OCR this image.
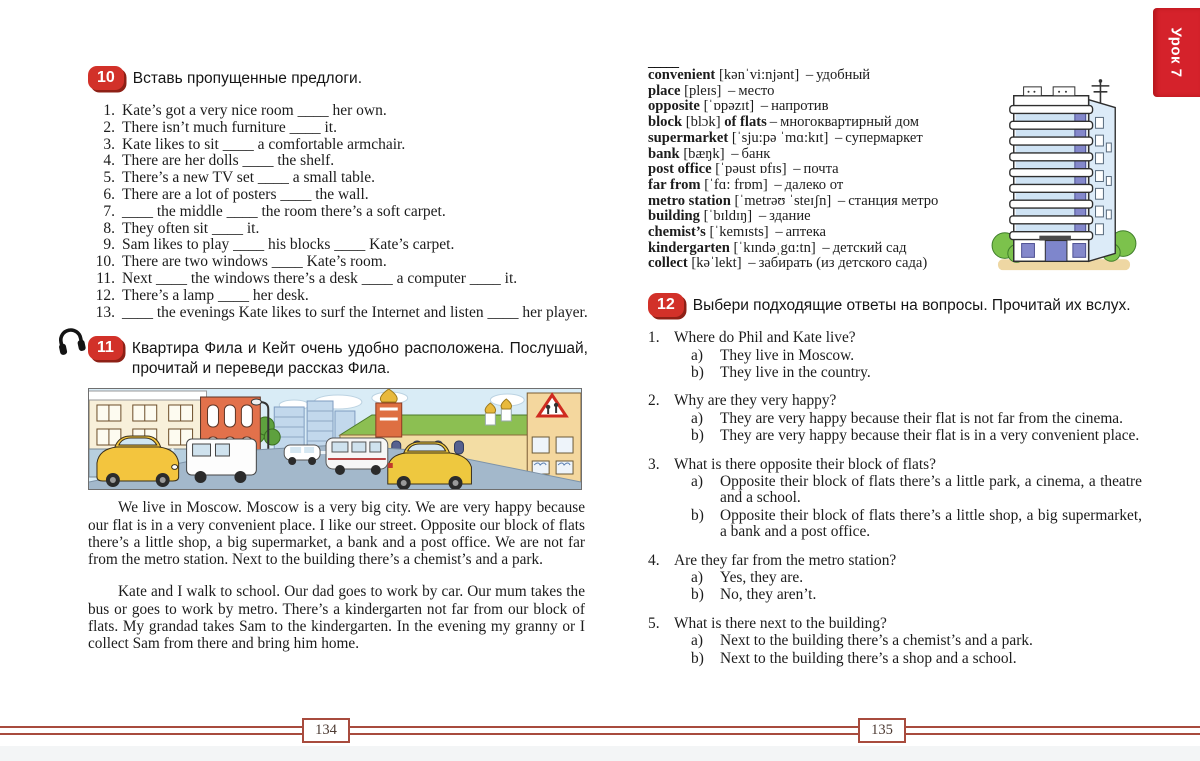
Урок 7
10	Вставь пропущенные предлоги.
1. Kate’s got a very nice room ____ her own.
2. There isn’t much furniture ____ it.
3. Kate likes to sit ____ a comfortable armchair.
4. There are her dolls ____ the shelf.
5. There’s a new TV set ____ a small table.
6. There are a lot of posters ____ the wall.
7. ____ the middle ____ the room there’s a soft carpet.
8. They often sit ____ it.
9. Sam likes to play ____ his blocks ____ Kate’s carpet.
10. There are two windows ____ Kate’s room.
11. Next ____ the windows there’s a desk ____ a computer ____ it.
12. There’s a lamp ____ her desk.
13. ____ the evenings Kate likes to surf the Internet and listen ____ her player.
11	Квартира Фила и Кейт очень удобно расположена. Послушай, прочитай и переведи рассказ Фила.

We live in Moscow. Moscow is a very big city. We are very happy because our flat is in a very convenient place. I like our street. Opposite our block of flats there’s a little shop, a big supermarket, a bank and a post office. We are not far from the metro station. Next to the building there’s a chemist’s and a park.

Kate and I walk to school. Our dad goes to work by car. Our mum takes the bus or goes to work by metro. There’s a kindergarten not far from our block of flats. My grandad takes Sam to the kindergarten. In the evening my granny or I collect Sam from there and bring him home.

_____
convenient [kənˈvi:njənt] – удобный
place [pleɪs] – место
opposite [ˈɒpəzɪt] – напротив
block [blɔk] of flats – многоквартирный дом
supermarket [ˈsju:pə ˈmɑ:kɪt] – супермаркет
bank [bæŋk] – банк
post office [ˈpəust ɒfɪs] – почта
far from [ˈfɑ: frɒm] – далеко от
metro station [ˈmetrəʊ ˈsteɪʃn] – станция метро
building [ˈbɪldɪŋ] – здание
chemist’s [ˈkemɪsts] – аптека
kindergarten [ˈkɪndəˌgɑ:tn] – детский сад
collect [kəˈlekt] – забирать (из детского сада)
12	Выбери подходящие ответы на вопросы. Прочитай их вслух.
1. Where do Phil and Kate live?
a)	They live in Moscow.
b)	They live in the country.
2. Why are they very happy?
a)	They are very happy because their flat is not far from the cinema.
b)	They are very happy because their flat is in a very convenient place.
3. What is there opposite their block of flats?
a)	Opposite their block of flats there’s a little park, a cinema, a theatre and a school.
b)	Opposite their block of flats there’s a little shop, a big supermarket, a bank and a post office.
4. Are they far from the metro station?
a)	Yes, they are.
b)	No, they aren’t.
5. What is there next to the building?
a)	Next to the building there’s a chemist’s and a park.
b)	Next to the building there’s a shop and a school.
134	135
